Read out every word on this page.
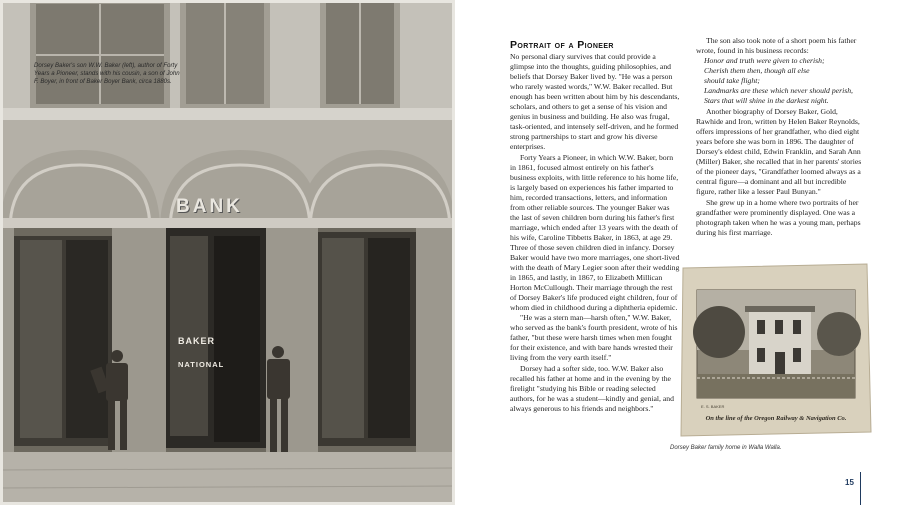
Dorsey Baker's son W.W. Baker (left), author of Forty Years a Pioneer, stands with his cousin, a son of John F. Boyer, in front of Baker Boyer Bank, circa 1880s.
BANK
BAKER
NATIONAL
Portrait of a Pioneer

No personal diary survives that could provide a glimpse into the thoughts, guiding philosophies, and beliefs that Dorsey Baker lived by. "He was a person who rarely wasted words," W.W. Baker recalled. But enough has been written about him by his descendants, scholars, and others to get a sense of his vision and genius in business and building. He also was frugal, task-oriented, and intensely self-driven, and he formed strong partnerships to start and grow his diverse enterprises.

Forty Years a Pioneer, in which W.W. Baker, born in 1861, focused almost entirely on his father's business exploits, with little reference to his home life, is largely based on experiences his father imparted to him, recorded transactions, letters, and information from other reliable sources. The younger Baker was the last of seven children born during his father's first marriage, which ended after 13 years with the death of his wife, Caroline Tibbetts Baker, in 1863, at age 29. Three of those seven children died in infancy. Dorsey Baker would have two more marriages, one short-lived with the death of Mary Legier soon after their wedding in 1865, and lastly, in 1867, to Elizabeth Millican Horton McCullough. Their marriage through the rest of Dorsey Baker's life produced eight children, four of whom died in childhood during a diphtheria epidemic.

"He was a stern man—harsh often," W.W. Baker, who served as the bank's fourth president, wrote of his father, "but these were harsh times when men fought for their existence, and with bare hands wrested their living from the very earth itself."

Dorsey had a softer side, too. W.W. Baker also recalled his father at home and in the evening by the firelight "studying his Bible or reading selected authors, for he was a student—kindly and genial, and always generous to his friends and neighbors."

The son also took note of a short poem his father wrote, found in his business records:

Honor and truth were given to cherish;
Cherish them then, though all else
should take flight;
Landmarks are these which never should perish,
Stars that will shine in the darkest night.

Another biography of Dorsey Baker, Gold, Rawhide and Iron, written by Helen Baker Reynolds, offers impressions of her grandfather, who died eight years before she was born in 1896. The daughter of Dorsey's eldest child, Edwin Franklin, and Sarah Ann (Miller) Baker, she recalled that in her parents' stories of the pioneer days, "Grandfather loomed always as a central figure—a dominant and all but incredible figure, rather like a lesser Paul Bunyan."

She grew up in a home where two portraits of her grandfather were prominently displayed. One was a photograph taken when he was a young man, perhaps during his first marriage.

E. S. BAKER
On the line of the Oregon Railway & Navigation Co.
Dorsey Baker family home in Walla Walla.
15
